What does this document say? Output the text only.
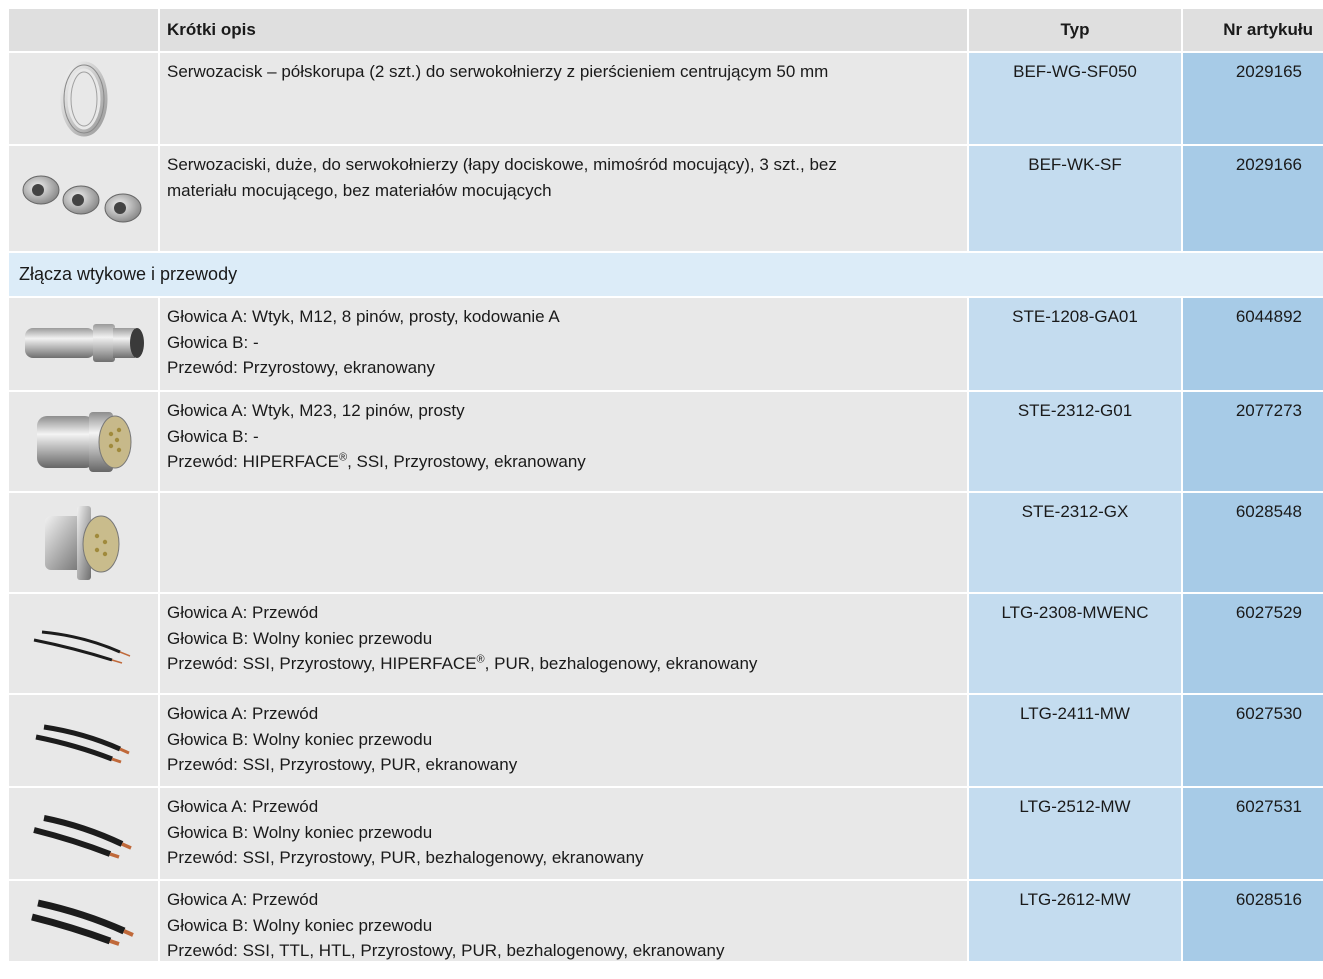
Krótki opis	Typ	Nr artykułu
Serwozacisk – półskorupa (2 szt.) do serwokołnierzy z pierścieniem centrującym 50 mm	BEF-WG-SF050	2029165
Serwozaciski, duże, do serwokołnierzy (łapy dociskowe, mimośród mocujący), 3 szt., bez
materiału mocującego, bez materiałów mocujących
BEF-WK-SF	2029166
Złącza wtykowe i przewody
Głowica A: Wtyk, M12, 8 pinów, prosty, kodowanie A
Głowica B: -
Przewód: Przyrostowy, ekranowany
STE-1208-GA01	6044892
Głowica A: Wtyk, M23, 12 pinów, prosty
Głowica B: -
Przewód: HIPERFACE®, SSI, Przyrostowy, ekranowany
STE-2312-G01	2077273
STE-2312-GX	6028548
Głowica A: Przewód
Głowica B: Wolny koniec przewodu
Przewód: SSI, Przyrostowy, HIPERFACE®, PUR, bezhalogenowy, ekranowany
LTG-2308-MWENC	6027529
Głowica A: Przewód
Głowica B: Wolny koniec przewodu
Przewód: SSI, Przyrostowy, PUR, ekranowany
LTG-2411-MW	6027530
Głowica A: Przewód
Głowica B: Wolny koniec przewodu
Przewód: SSI, Przyrostowy, PUR, bezhalogenowy, ekranowany
LTG-2512-MW	6027531
Głowica A: Przewód
Głowica B: Wolny koniec przewodu
Przewód: SSI, TTL, HTL, Przyrostowy, PUR, bezhalogenowy, ekranowany
LTG-2612-MW	6028516
